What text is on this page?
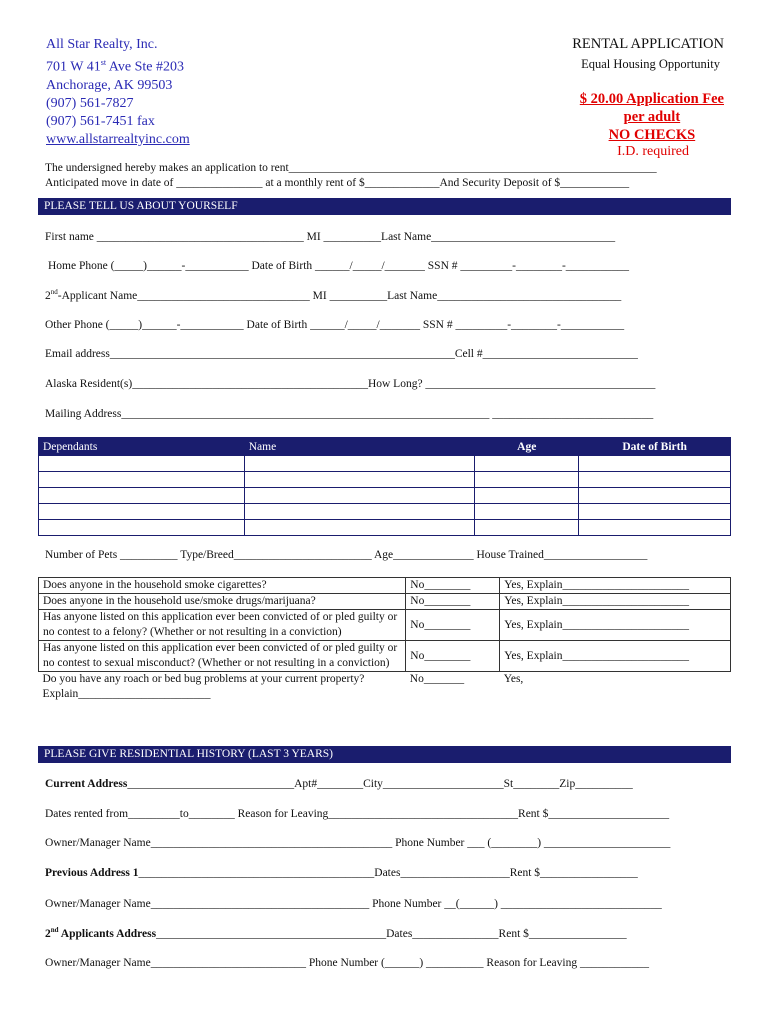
All Star Realty, Inc.
701 W 41st Ave Ste #203
Anchorage, AK 99503
(907) 561-7827
(907) 561-7451 fax
www.allstarrealtyinc.com
RENTAL APPLICATION
Equal Housing Opportunity
$ 20.00 Application Fee
per adult
NO CHECKS
I.D. required
The undersigned hereby makes an application to rent________________________________________________________________
Anticipated move in date of _______________ at a monthly rent of $_____________And Security Deposit of $____________
PLEASE TELL US ABOUT YOURSELF
First name ____________________________________ MI __________Last Name________________________________
Home Phone (_____)______-___________ Date of Birth ______/_____/_______ SSN # _________-________-___________
2nd-Applicant Name______________________________ MI __________Last Name________________________________
Other Phone (_____)______-___________ Date of Birth ______/_____/_______ SSN # _________-________-___________
Email address____________________________________________________________Cell #___________________________
Alaska Resident(s)_________________________________________How Long? ________________________________________
Mailing Address________________________________________________________________ ____________________________
Dependants	Name	Age	Date of Birth

Number of Pets __________ Type/Breed________________________ Age______________ House Trained__________________
Does anyone in the household smoke cigarettes?	No________	Yes, Explain______________________
Does anyone in the household use/smoke drugs/marijuana?	No________	Yes, Explain______________________
Has anyone listed on this application ever been convicted of or pled guilty or no contest to a felony? (Whether or not resulting in a conviction)	No________	Yes, Explain______________________
Has anyone listed on this application ever been convicted of or pled guilty or no contest to sexual misconduct? (Whether or not resulting in a conviction)	No________	Yes, Explain______________________
Do you have any roach or bed bug problems at your current property? Explain_______________________	No_______	Yes,
PLEASE GIVE RESIDENTIAL HISTORY (LAST 3 YEARS)
Current Address_____________________________Apt#________City_____________________St________Zip__________
Dates rented from_________to________ Reason for Leaving_________________________________Rent $_____________________
Owner/Manager Name__________________________________________ Phone Number ___ (________) ______________________
Previous Address 1_________________________________________Dates___________________Rent $_________________
Owner/Manager Name______________________________________ Phone Number __(______) ____________________________
2nd Applicants Address________________________________________Dates_______________Rent $_________________
Owner/Manager Name___________________________ Phone Number (______) __________ Reason for Leaving ____________
